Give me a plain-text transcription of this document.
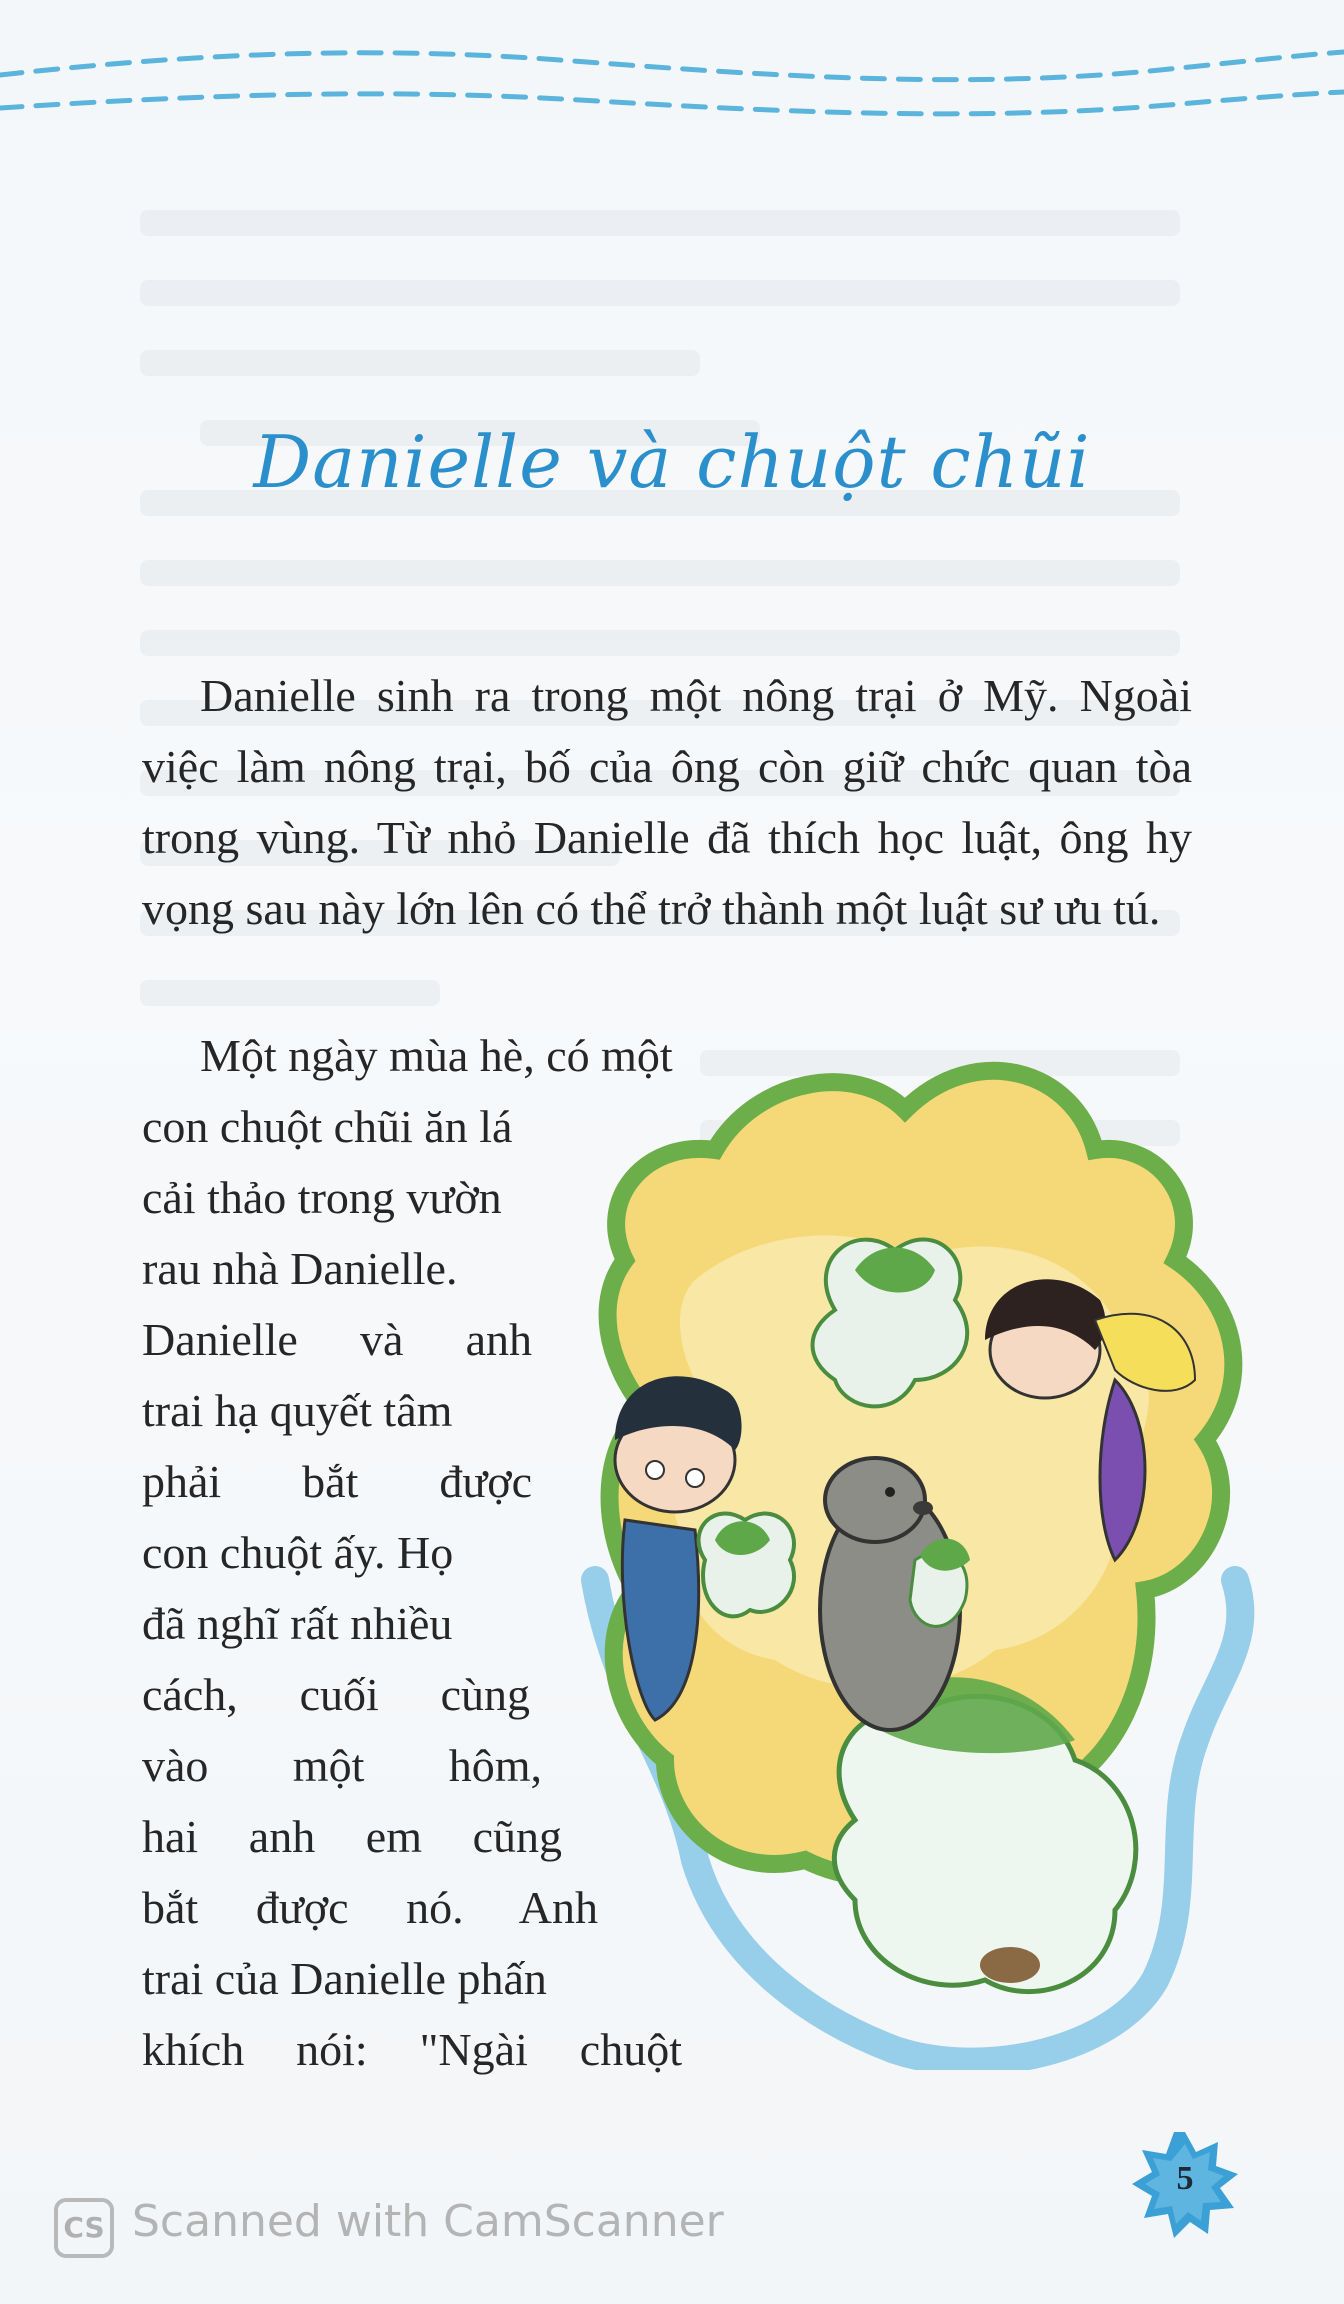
Danielle và chuột chũi
Danielle sinh ra trong một nông trại ở Mỹ. Ngoài việc làm nông trại, bố của ông còn giữ chức quan tòa trong vùng. Từ nhỏ Danielle đã thích học luật, ông hy vọng sau này lớn lên có thể trở thành một luật sư ưu tú.
Một ngày mùa hè, có một
con chuột chũi ăn lá
cải thảo trong vườn
rau nhà Danielle.
Danielle và anh
trai hạ quyết tâm
phải bắt được
con chuột ấy. Họ
đã nghĩ rất nhiều
cách, cuối cùng
vào một hôm,
hai anh em cũng
bắt được nó. Anh
trai của Danielle phấn
khích nói: "Ngài chuột
5
CS Scanned with CamScanner
